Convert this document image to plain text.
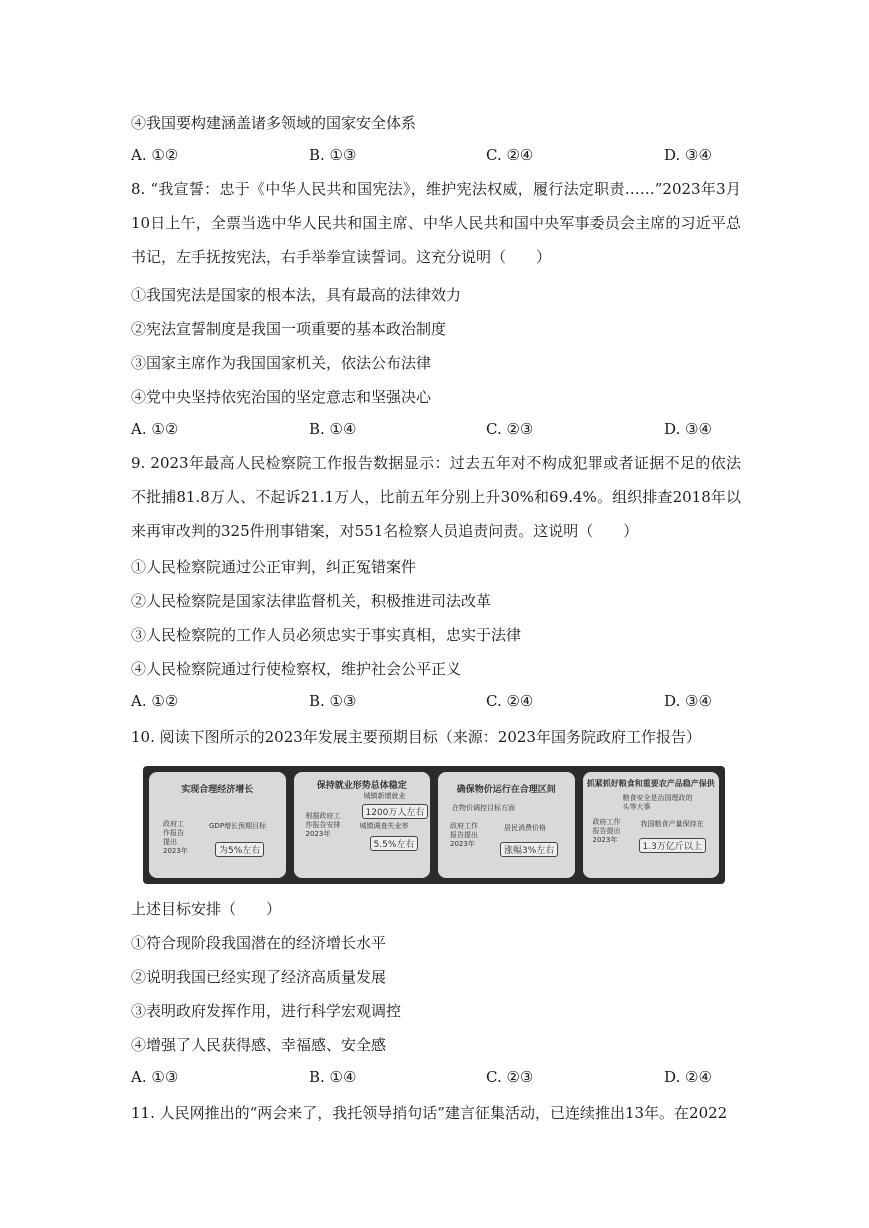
④我国要构建涵盖诸多领域的国家安全体系
A. ①②	B. ①③	C. ②④	D. ③④
8. “我宣誓：忠于《中华人民共和国宪法》，维护宪法权威，履行法定职责……”2023年3月10日上午，全票当选中华人民共和国主席、中华人民共和国中央军事委员会主席的习近平总书记，左手抚按宪法，右手举拳宣读誓词。这充分说明（　　）
①我国宪法是国家的根本法，具有最高的法律效力
②宪法宣誓制度是我国一项重要的基本政治制度
③国家主席作为我国国家机关，依法公布法律
④党中央坚持依宪治国的坚定意志和坚强决心
A. ①②	B. ①④	C. ②③	D. ③④
9. 2023年最高人民检察院工作报告数据显示：过去五年对不构成犯罪或者证据不足的依法不批捕81.8万人、不起诉21.1万人，比前五年分别上升30%和69.4%。组织排查2018年以来再审改判的325件刑事错案，对551名检察人员追责问责。这说明（　　）
①人民检察院通过公正审判，纠正冤错案件
②人民检察院是国家法律监督机关，积极推进司法改革
③人民检察院的工作人员必须忠实于事实真相，忠实于法律
④人民检察院通过行使检察权，维护社会公平正义
A. ①②	B. ①③	C. ②④	D. ③④
10. 阅读下图所示的2023年发展主要预期目标（来源：2023年国务院政府工作报告）
实现合理经济增长
政府工作报告提出2023年
GDP增长预期目标
为5%左右
保持就业形势总体稳定
城镇新增就业
1200万人左右
城镇调查失业率
5.5%左右
根据政府工作报告安排2023年
确保物价运行在合理区间
在物价调控目标方面
政府工作报告提出2023年
居民消费价格
涨幅3%左右
抓紧抓好粮食和重要农产品稳产保供
粮食安全是治国理政的头等大事
政府工作报告提出2023年
我国粮食产量保持在
1.3万亿斤以上
上述目标安排（　　）
①符合现阶段我国潜在的经济增长水平
②说明我国已经实现了经济高质量发展
③表明政府发挥作用，进行科学宏观调控
④增强了人民获得感、幸福感、安全感
A. ①③	B. ①④	C. ②③	D. ②④
11. 人民网推出的“两会来了，我托领导捎句话”建言征集活动，已连续推出13年。在2022
